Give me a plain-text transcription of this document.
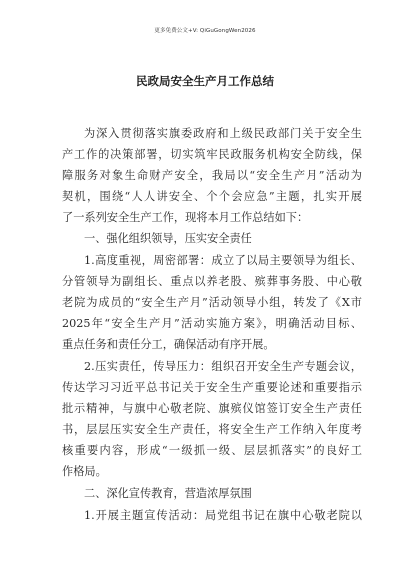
更多免费公文+V: QiGuGongWen2026
民政局安全生产月工作总结
为深入贯彻落实旗委政府和上级民政部门关于安全生
产工作的决策部署，切实筑牢民政服务机构安全防线，保
障服务对象生命财产安全，我局以“安全生产月”活动为
契机，围绕“人人讲安全、个个会应急”主题，扎实开展
了一系列安全生产工作，现将本月工作总结如下：
一、强化组织领导，压实安全责任
1.高度重视，周密部署：成立了以局主要领导为组长、
分管领导为副组长、重点以养老股、殡葬事务股、中心敬
老院为成员的“安全生产月”活动领导小组，转发了《X市
2025年“安全生产月”活动实施方案》，明确活动目标、
重点任务和责任分工，确保活动有序开展。
2.压实责任，传导压力：组织召开安全生产专题会议，
传达学习习近平总书记关于安全生产重要论述和重要指示
批示精神，与旗中心敬老院、旗殡仪馆签订安全生产责任
书，层层压实安全生产责任，将安全生产工作纳入年度考
核重要内容，形成“一级抓一级、层层抓落实”的良好工
作格局。
二、深化宣传教育，营造浓厚氛围
1.开展主题宣传活动：局党组书记在旗中心敬老院以
